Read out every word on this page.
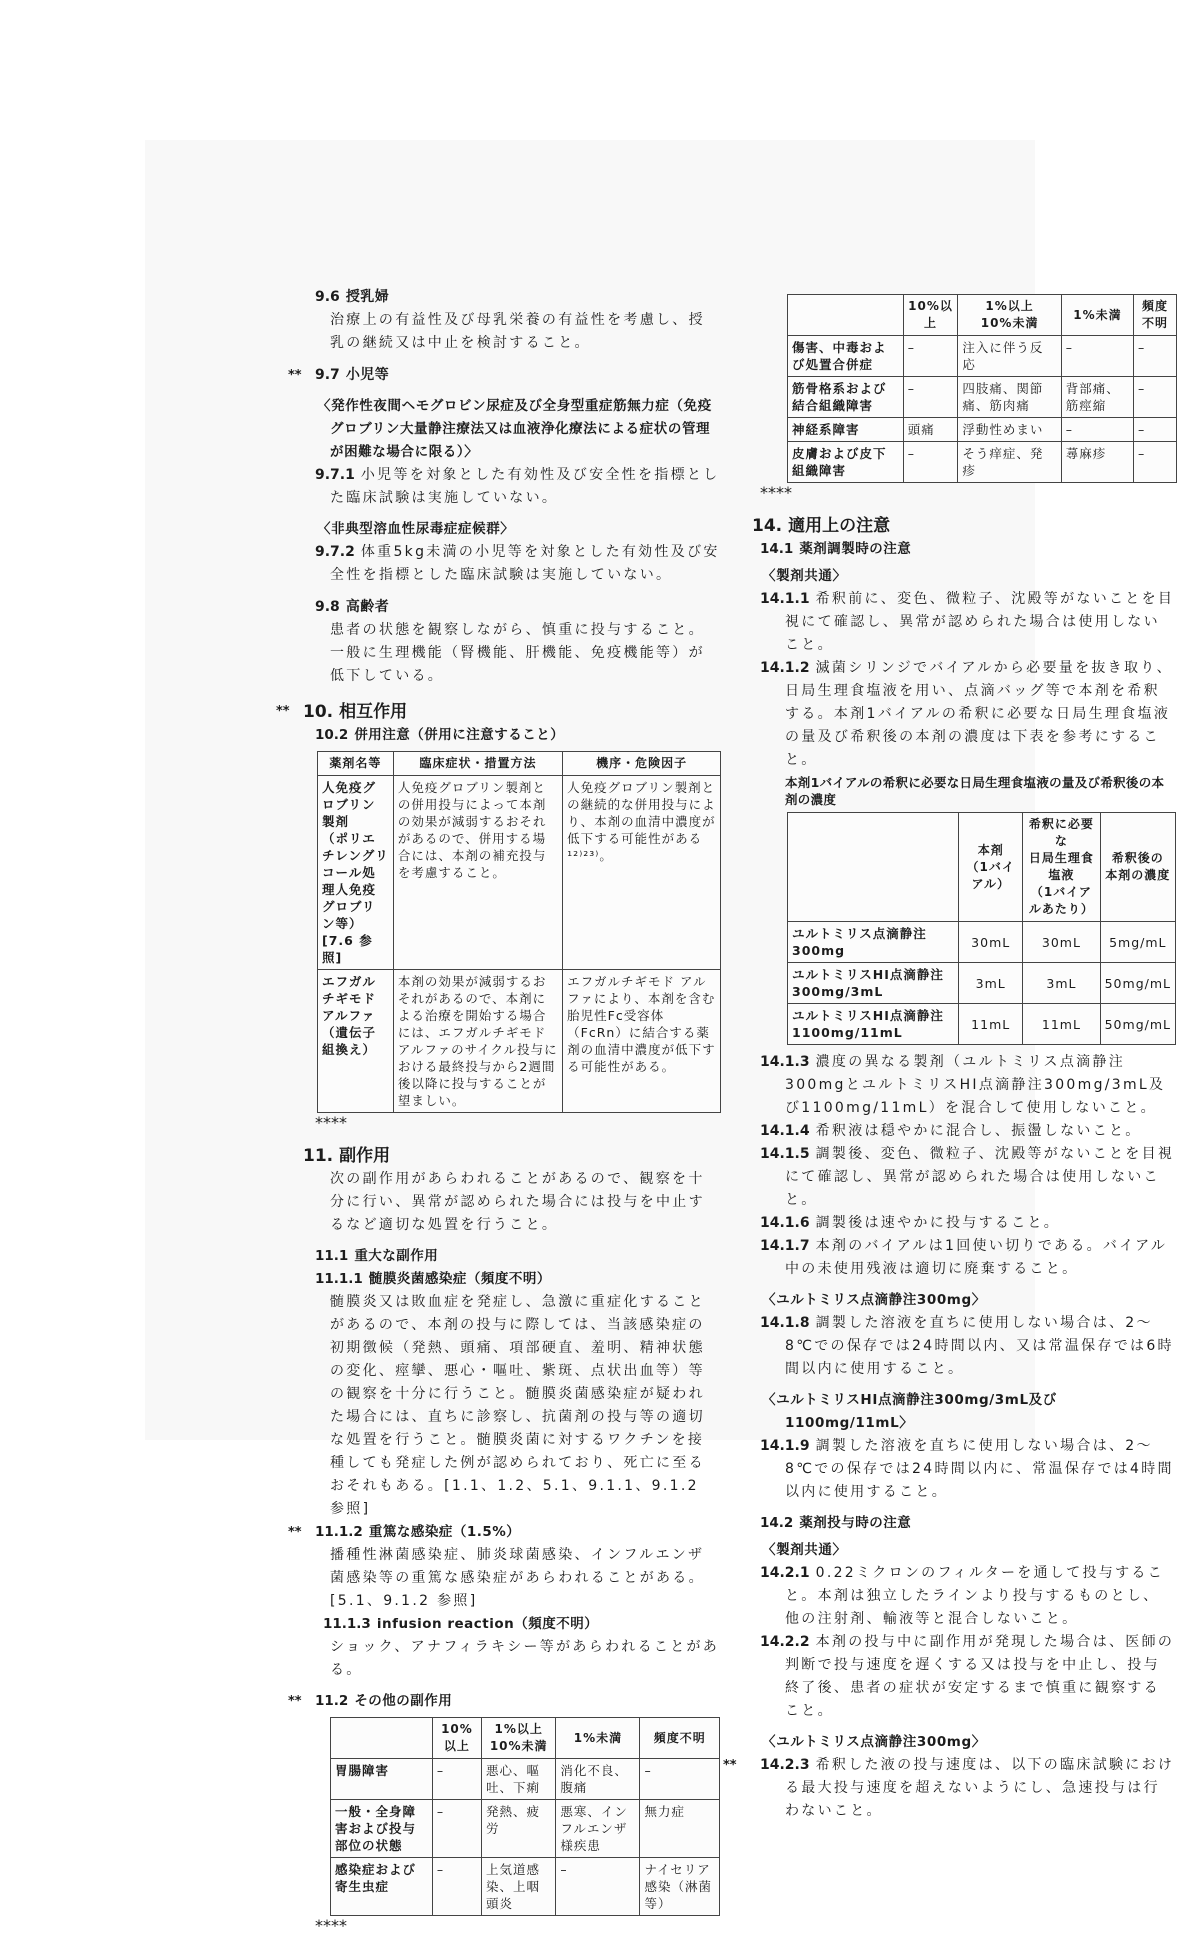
9.6 授乳婦
治療上の有益性及び母乳栄養の有益性を考慮し、授乳の継続又は中止を検討すること。
** 9.7 小児等
〈発作性夜間ヘモグロビン尿症及び全身型重症筋無力症（免疫グロブリン大量静注療法又は血液浄化療法による症状の管理が困難な場合に限る）〉
9.7.1 小児等を対象とした有効性及び安全性を指標とした臨床試験は実施していない。
〈非典型溶血性尿毒症症候群〉
9.7.2 体重5kg未満の小児等を対象とした有効性及び安全性を指標とした臨床試験は実施していない。
9.8 高齢者
患者の状態を観察しながら、慎重に投与すること。一般に生理機能（腎機能、肝機能、免疫機能等）が低下している。
** 10. 相互作用
10.2 併用注意（併用に注意すること）
薬剤名等	臨床症状・措置方法	機序・危険因子
人免疫グロブリン製剤
（ポリエチレングリコール処理人免疫グロブリン等）
[7.6 参照]	人免疫グロブリン製剤との併用投与によって本剤の効果が減弱するおそれがあるので、併用する場合には、本剤の補充投与を考慮すること。	人免疫グロブリン製剤との継続的な併用投与により、本剤の血清中濃度が低下する可能性がある¹²⁾²³⁾。
エフガルチギモド アルファ（遺伝子組換え）	本剤の効果が減弱するおそれがあるので、本剤による治療を開始する場合には、エフガルチギモド アルファのサイクル投与における最終投与から2週間後以降に投与することが望ましい。	エフガルチギモド アルファにより、本剤を含む胎児性Fc受容体（FcRn）に結合する薬剤の血清中濃度が低下する可能性がある。
****
11. 副作用
次の副作用があらわれることがあるので、観察を十分に行い、異常が認められた場合には投与を中止するなど適切な処置を行うこと。
11.1 重大な副作用
11.1.1 髄膜炎菌感染症（頻度不明）
髄膜炎又は敗血症を発症し、急激に重症化することがあるので、本剤の投与に際しては、当該感染症の初期徴候（発熱、頭痛、項部硬直、羞明、精神状態の変化、痙攣、悪心・嘔吐、紫斑、点状出血等）等の観察を十分に行うこと。髄膜炎菌感染症が疑われた場合には、直ちに診察し、抗菌剤の投与等の適切な処置を行うこと。髄膜炎菌に対するワクチンを接種しても発症した例が認められており、死亡に至るおそれもある。[1.1、1.2、5.1、9.1.1、9.1.2 参照]
** 11.1.2 重篤な感染症（1.5%）
播種性淋菌感染症、肺炎球菌感染、インフルエンザ菌感染等の重篤な感染症があらわれることがある。[5.1、9.1.2 参照]
11.1.3 infusion reaction（頻度不明）
ショック、アナフィラキシー等があらわれることがある。
** 11.2 その他の副作用
	10%以上	1%以上
10%未満	1%未満	頻度不明
胃腸障害	–	悪心、嘔吐、下痢	消化不良、腹痛	–
一般・全身障害および投与部位の状態	–	発熱、疲労	悪寒、インフルエンザ様疾患	無力症
感染症および寄生虫症	–	上気道感染、上咽頭炎	–	ナイセリア感染（淋菌等）
****
	10%以上	1%以上
10%未満	1%未満	頻度不明
傷害、中毒および処置合併症	–	注入に伴う反応	–	–
筋骨格系および結合組織障害	–	四肢痛、関節痛、筋肉痛	背部痛、筋痙縮	–
神経系障害	頭痛	浮動性めまい	–	–
皮膚および皮下組織障害	–	そう痒症、発疹	蕁麻疹	–
****
14. 適用上の注意
14.1 薬剤調製時の注意
〈製剤共通〉
14.1.1 希釈前に、変色、微粒子、沈殿等がないことを目視にて確認し、異常が認められた場合は使用しないこと。
14.1.2 滅菌シリンジでバイアルから必要量を抜き取り、日局生理食塩液を用い、点滴バッグ等で本剤を希釈する。本剤1バイアルの希釈に必要な日局生理食塩液の量及び希釈後の本剤の濃度は下表を参考にすること。
本剤1バイアルの希釈に必要な日局生理食塩液の量及び希釈後の本剤の濃度
	本剤
（1バイアル）	希釈に必要な
日局生理食塩液
（1バイアルあたり）	希釈後の
本剤の濃度
ユルトミリス点滴静注300mg	30mL	30mL	5mg/mL
ユルトミリスHI点滴静注300mg/3mL	3mL	3mL	50mg/mL
ユルトミリスHI点滴静注1100mg/11mL	11mL	11mL	50mg/mL
14.1.3 濃度の異なる製剤（ユルトミリス点滴静注300mgとユルトミリスHI点滴静注300mg/3mL及び1100mg/11mL）を混合して使用しないこと。
14.1.4 希釈液は穏やかに混合し、振盪しないこと。
14.1.5 調製後、変色、微粒子、沈殿等がないことを目視にて確認し、異常が認められた場合は使用しないこと。
14.1.6 調製後は速やかに投与すること。
14.1.7 本剤のバイアルは1回使い切りである。バイアル中の未使用残液は適切に廃棄すること。
〈ユルトミリス点滴静注300mg〉
14.1.8 調製した溶液を直ちに使用しない場合は、2～8℃での保存では24時間以内、又は常温保存では6時間以内に使用すること。
〈ユルトミリスHI点滴静注300mg/3mL及び1100mg/11mL〉
14.1.9 調製した溶液を直ちに使用しない場合は、2～8℃での保存では24時間以内に、常温保存では4時間以内に使用すること。
14.2 薬剤投与時の注意
〈製剤共通〉
14.2.1 0.22ミクロンのフィルターを通して投与すること。本剤は独立したラインより投与するものとし、他の注射剤、輸液等と混合しないこと。
14.2.2 本剤の投与中に副作用が発現した場合は、医師の判断で投与速度を遅くする又は投与を中止し、投与終了後、患者の症状が安定するまで慎重に観察すること。
〈ユルトミリス点滴静注300mg〉
**	14.2.3 希釈した液の投与速度は、以下の臨床試験における最大投与速度を超えないようにし、急速投与は行わないこと。
